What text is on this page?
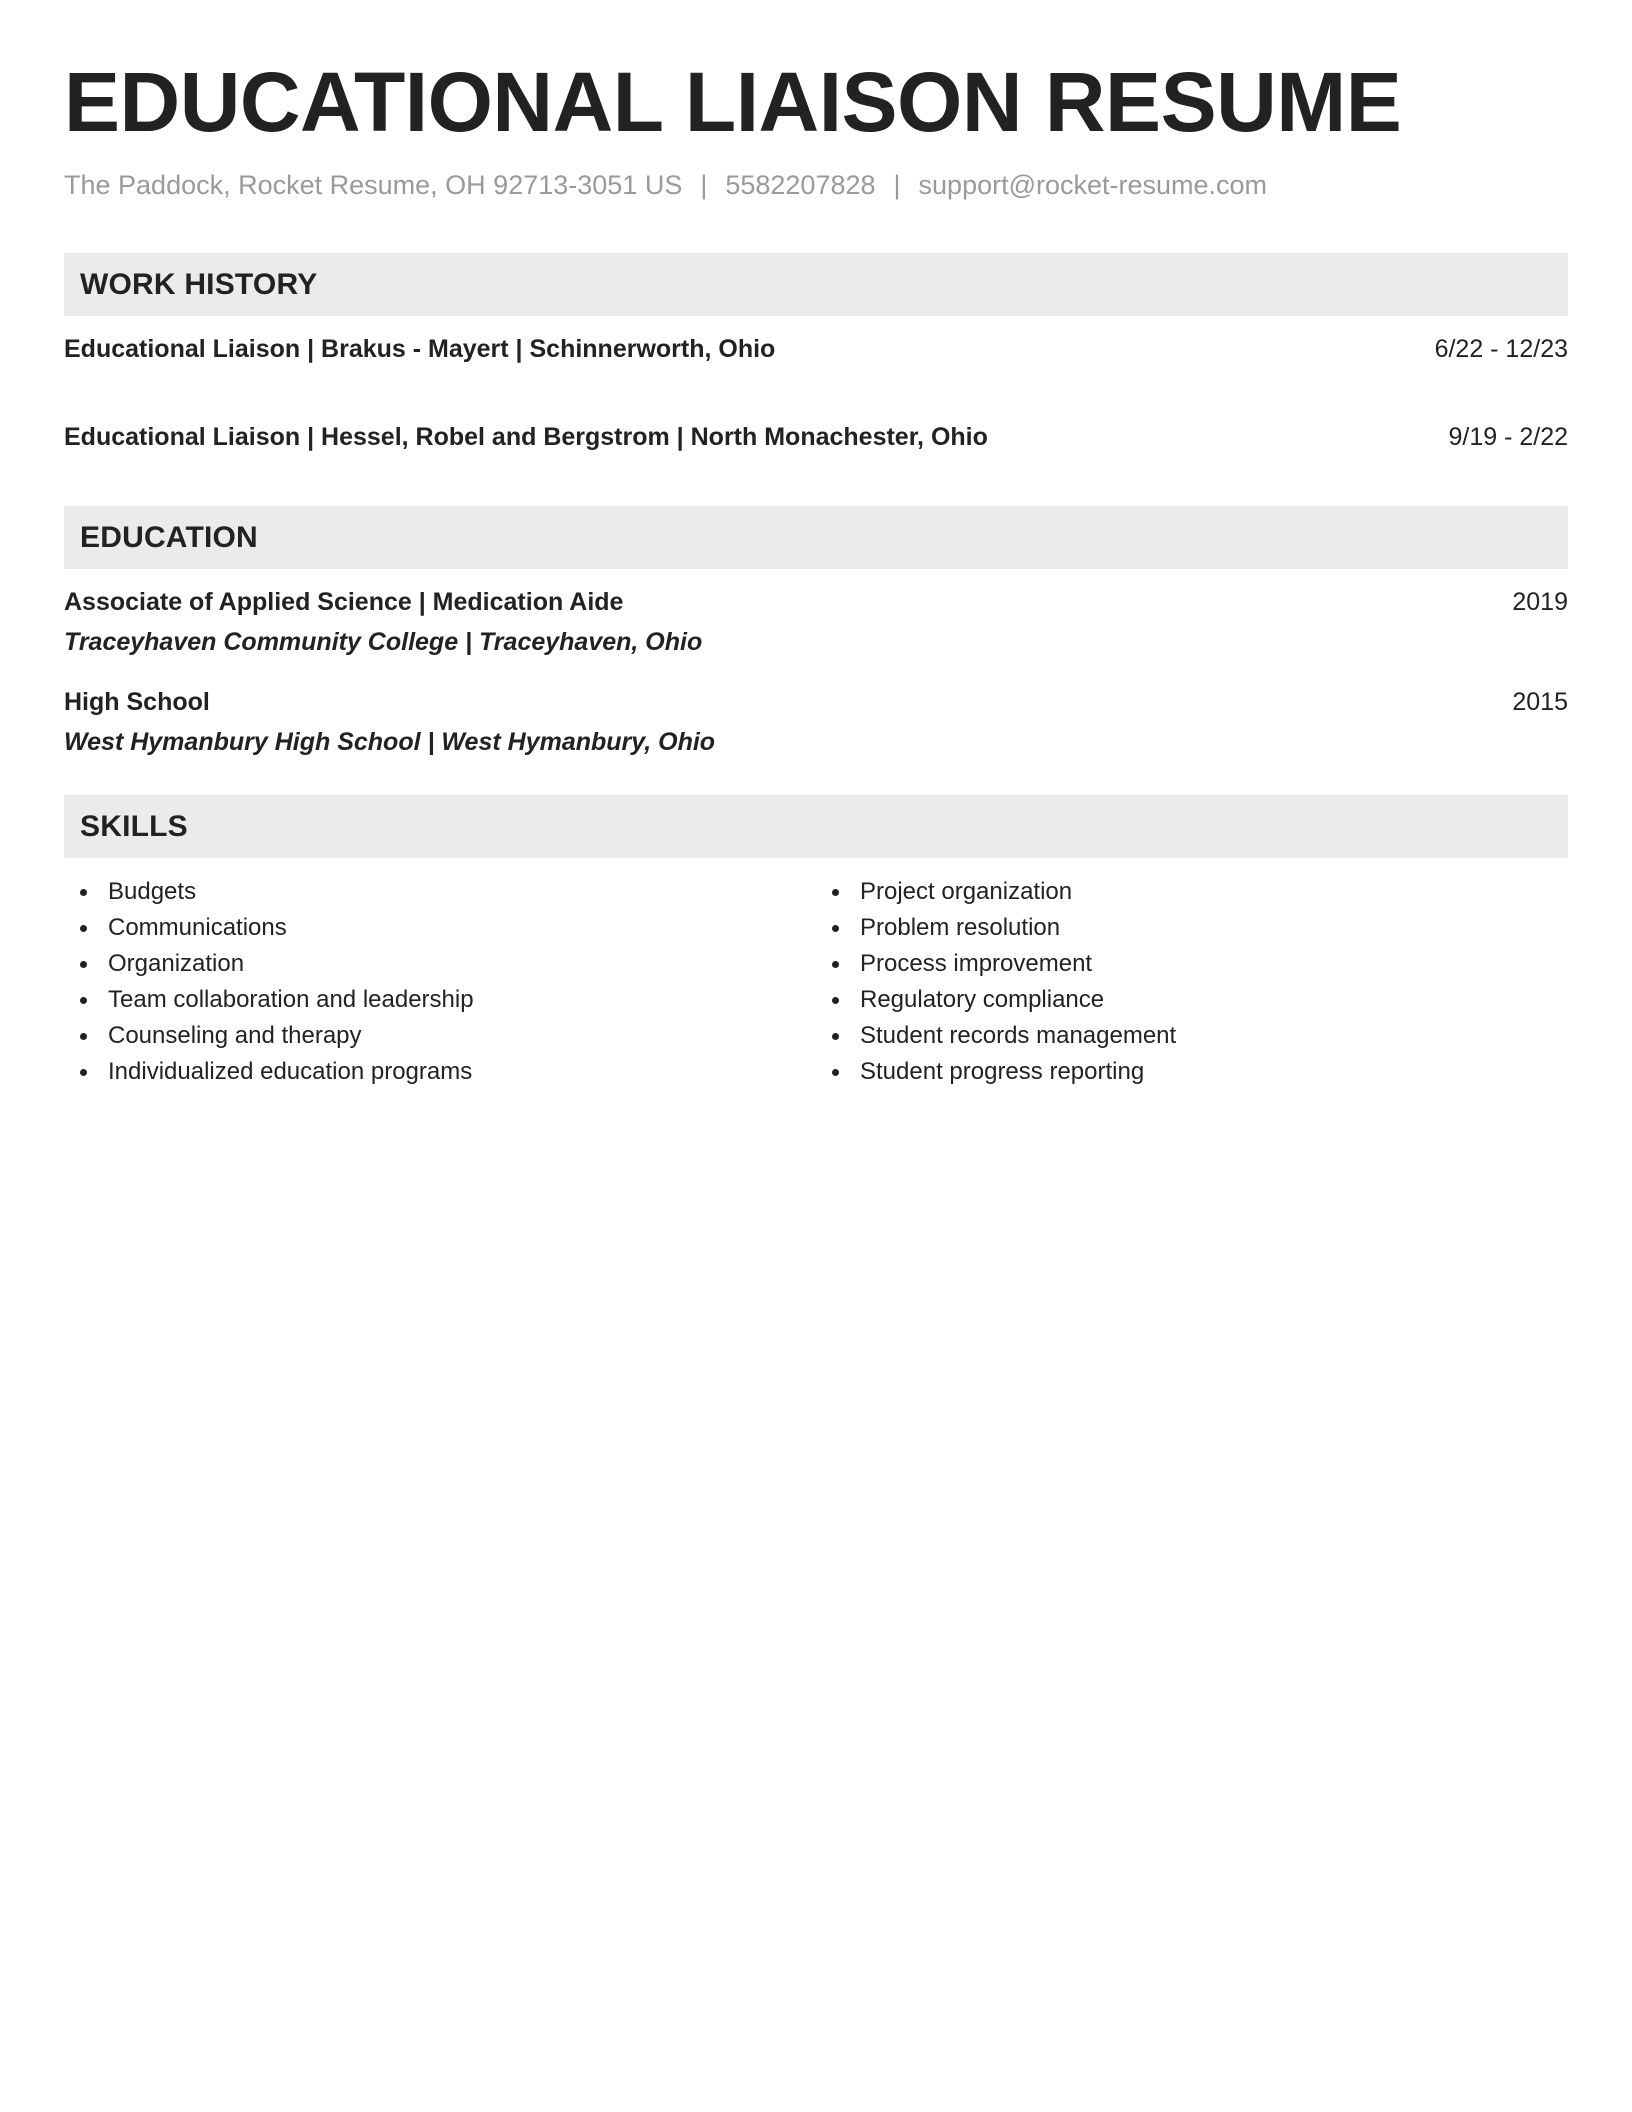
EDUCATIONAL LIAISON RESUME
The Paddock, Rocket Resume, OH 92713-3051 US | 5582207828 | support@rocket-resume.com
WORK HISTORY
Educational Liaison | Brakus - Mayert | Schinnerworth, Ohio	6/22 - 12/23
Educational Liaison | Hessel, Robel and Bergstrom | North Monachester, Ohio	9/19 - 2/22
EDUCATION
Associate of Applied Science | Medication Aide	2019
Traceyhaven Community College | Traceyhaven, Ohio
High School	2015
West Hymanbury High School | West Hymanbury, Ohio
SKILLS
Budgets
Communications
Organization
Team collaboration and leadership
Counseling and therapy
Individualized education programs
Project organization
Problem resolution
Process improvement
Regulatory compliance
Student records management
Student progress reporting
